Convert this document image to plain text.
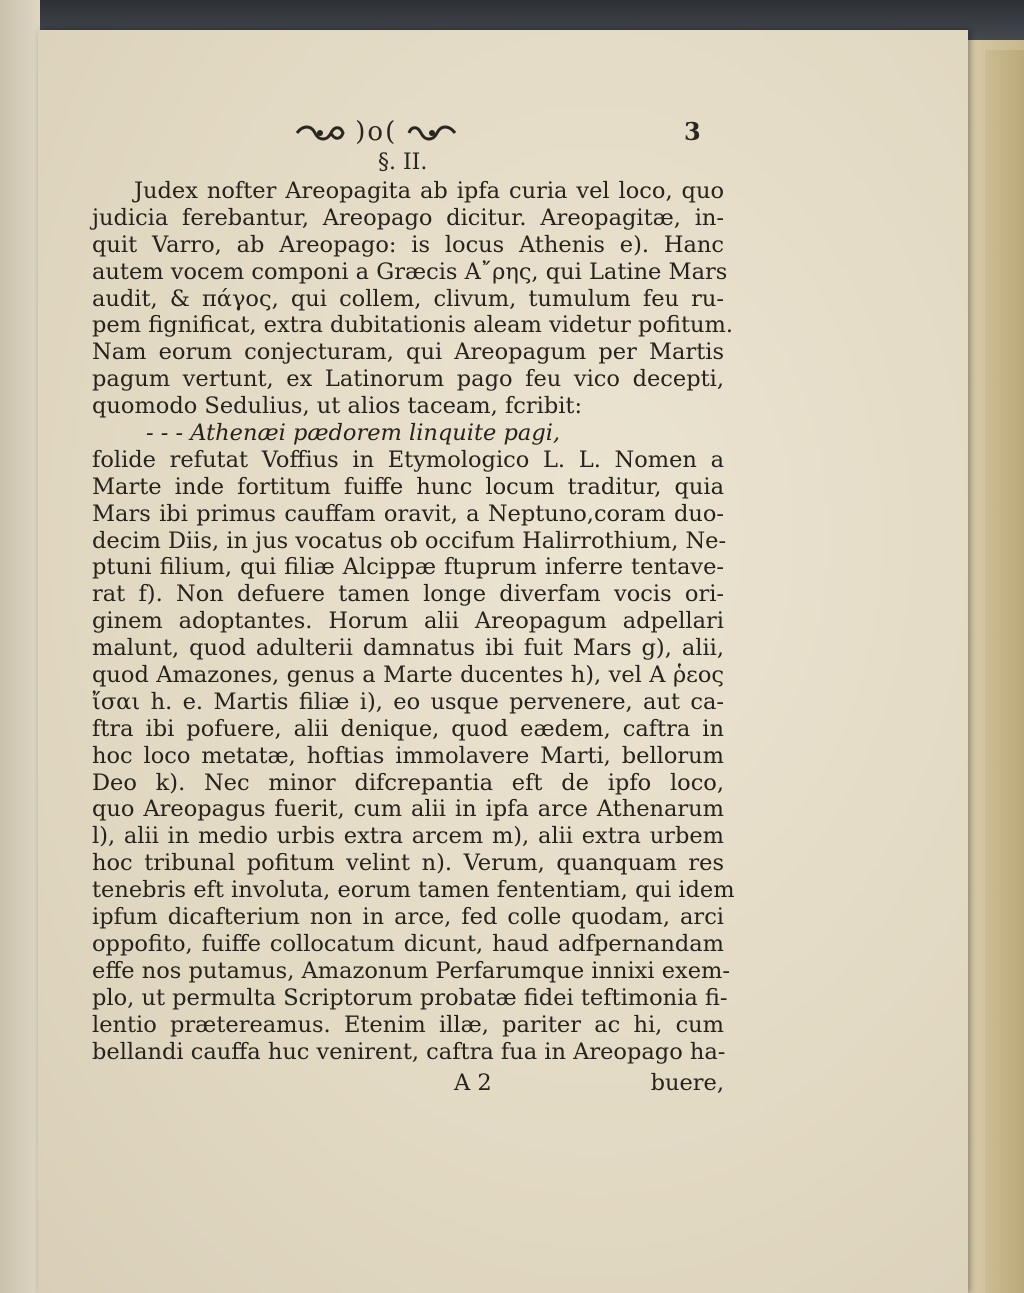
)o(	3
§. II.
Judex nofter Areopagita ab ipfa curia vel loco, quo
judicia ferebantur, Areopago dicitur. Areopagitæ, in-
quit Varro, ab Areopago: is locus Athenis e). Hanc
autem vocem componi a Græcis Α῎ρης, qui Latine Mars
audit, & πάγος, qui collem, clivum, tumulum feu ru-
pem fignificat, extra dubitationis aleam videtur pofitum.
Nam eorum conjecturam, qui Areopagum per Martis
pagum vertunt, ex Latinorum pago feu vico decepti,
quomodo Sedulius, ut alios taceam, fcribit:
- - - Athenæi pædorem linquite pagi,
folide refutat Voffius in Etymologico L. L. Nomen a
Marte inde fortitum fuiffe hunc locum traditur, quia
Mars ibi primus cauffam oravit, a Neptuno,coram duo-
decim Diis, in jus vocatus ob occifum Halirrothium, Ne-
ptuni filium, qui filiæ Alcippæ ftuprum inferre tentave-
rat f). Non defuere tamen longe diverfam vocis ori-
ginem adoptantes. Horum alii Areopagum adpellari
malunt, quod adulterii damnatus ibi fuit Mars g), alii,
quod Amazones, genus a Marte ducentes h), vel Α ῥεος
ἴσαι h. e. Martis filiæ i), eo usque pervenere, aut ca-
ftra ibi pofuere, alii denique, quod eædem, caftra in
hoc loco metatæ, hoftias immolavere Marti, bellorum
Deo k). Nec minor difcrepantia eft de ipfo loco,
quo Areopagus fuerit, cum alii in ipfa arce Athenarum
l), alii in medio urbis extra arcem m), alii extra urbem
hoc tribunal pofitum velint n). Verum, quanquam res
tenebris eft involuta, eorum tamen fententiam, qui idem
ipfum dicafterium non in arce, fed colle quodam, arci
oppofito, fuiffe collocatum dicunt, haud adfpernandam
effe nos putamus, Amazonum Perfarumque innixi exem-
plo, ut permulta Scriptorum probatæ fidei teftimonia fi-
lentio prætereamus. Etenim illæ, pariter ac hi, cum
bellandi cauffa huc venirent, caftra fua in Areopago ha-
A 2	buere,
